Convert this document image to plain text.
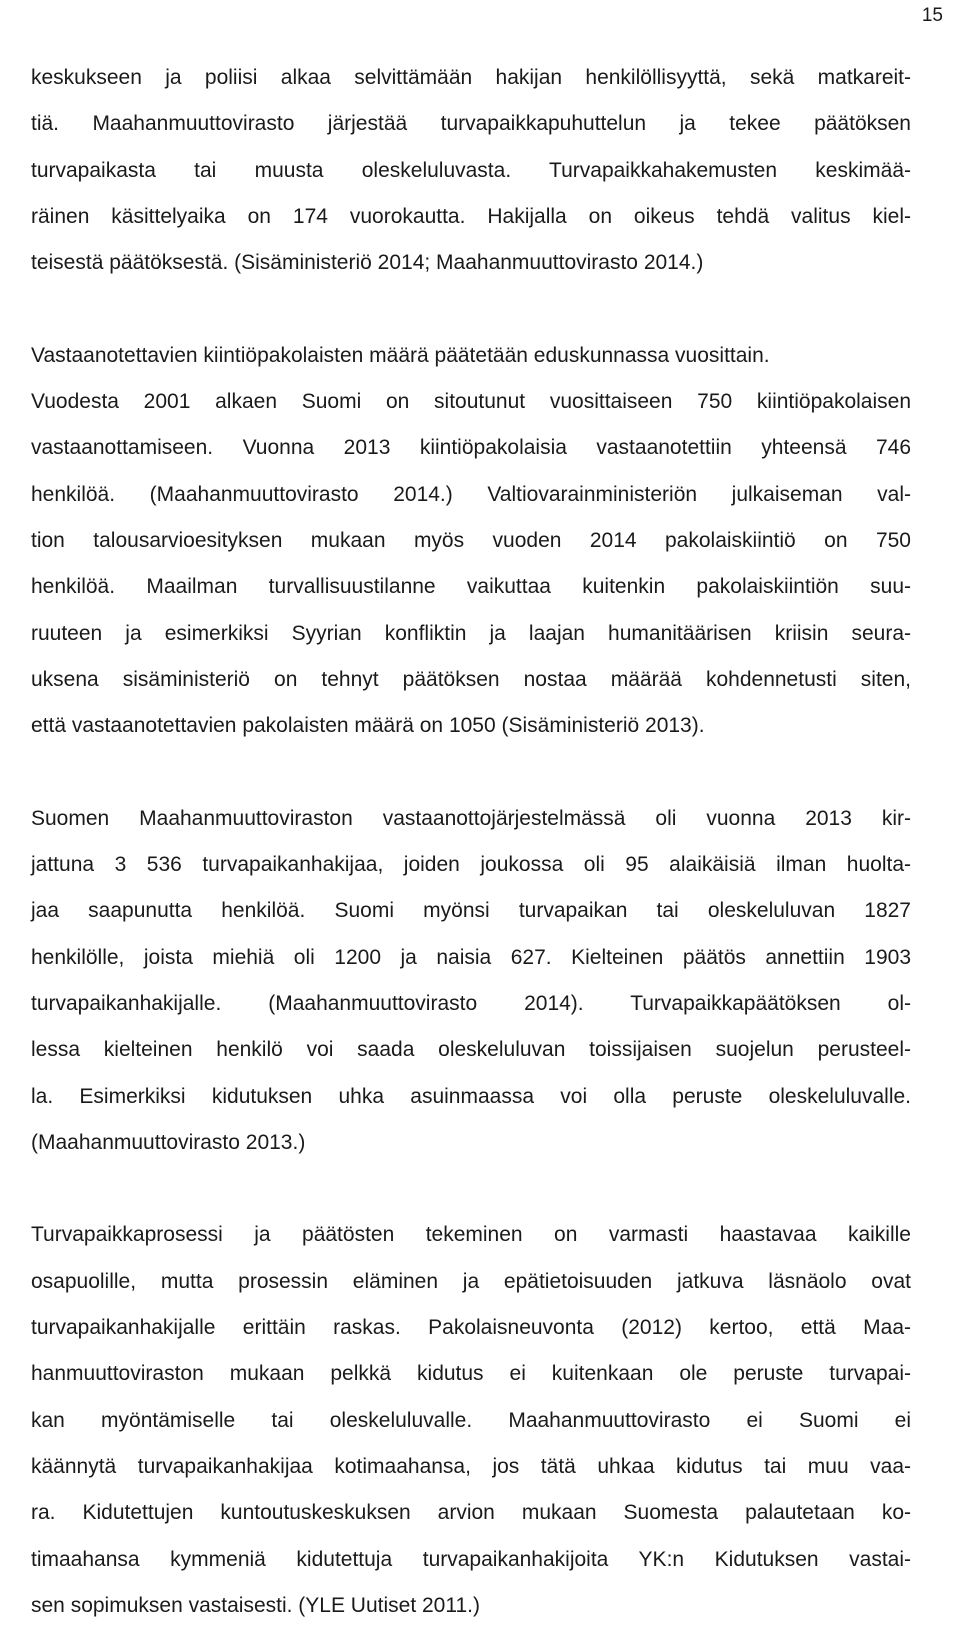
15
keskukseen ja poliisi alkaa selvittämään hakijan henkilöllisyyttä, sekä matkareit-
tiä. Maahanmuuttovirasto järjestää turvapaikkapuhuttelun ja tekee päätöksen
turvapaikasta tai muusta oleskeluluvasta. Turvapaikkahakemusten keskimää-
räinen käsittelyaika on 174 vuorokautta. Hakijalla on oikeus tehdä valitus kiel-
teisestä päätöksestä. (Sisäministeriö 2014; Maahanmuuttovirasto 2014.)
Vastaanotettavien kiintiöpakolaisten määrä päätetään eduskunnassa vuosittain.
Vuodesta 2001 alkaen Suomi on sitoutunut vuosittaiseen 750 kiintiöpakolaisen
vastaanottamiseen. Vuonna 2013 kiintiöpakolaisia vastaanotettiin yhteensä 746
henkilöä. (Maahanmuuttovirasto 2014.) Valtiovarainministeriön julkaiseman val-
tion talousarvioesityksen mukaan myös vuoden 2014 pakolaiskiintiö on 750
henkilöä. Maailman turvallisuustilanne vaikuttaa kuitenkin pakolaiskiintiön suu-
ruuteen ja esimerkiksi Syyrian konfliktin ja laajan humanitäärisen kriisin seura-
uksena sisäministeriö on tehnyt päätöksen nostaa määrää kohdennetusti siten,
että vastaanotettavien pakolaisten määrä on 1050 (Sisäministeriö 2013).
Suomen Maahanmuuttoviraston vastaanottojärjestelmässä oli vuonna 2013 kir-
jattuna 3 536 turvapaikanhakijaa, joiden joukossa oli 95 alaikäisiä ilman huolta-
jaa saapunutta henkilöä. Suomi myönsi turvapaikan tai oleskeluluvan 1827
henkilölle, joista miehiä oli 1200 ja naisia 627. Kielteinen päätös annettiin 1903
turvapaikanhakijalle. (Maahanmuuttovirasto 2014). Turvapaikkapäätöksen ol-
lessa kielteinen henkilö voi saada oleskeluluvan toissijaisen suojelun perusteel-
la. Esimerkiksi kidutuksen uhka asuinmaassa voi olla peruste oleskeluluvalle.
(Maahanmuuttovirasto 2013.)
Turvapaikkaprosessi ja päätösten tekeminen on varmasti haastavaa kaikille
osapuolille, mutta prosessin eläminen ja epätietoisuuden jatkuva läsnäolo ovat
turvapaikanhakijalle erittäin raskas. Pakolaisneuvonta (2012) kertoo, että Maa-
hanmuuttoviraston mukaan pelkkä kidutus ei kuitenkaan ole peruste turvapai-
kan myöntämiselle tai oleskeluluvalle. Maahanmuuttovirasto ei Suomi ei
käännytä turvapaikanhakijaa kotimaahansa, jos tätä uhkaa kidutus tai muu vaa-
ra. Kidutettujen kuntoutuskeskuksen arvion mukaan Suomesta palautetaan ko-
timaahansa kymmeniä kidutettuja turvapaikanhakijoita YK:n Kidutuksen vastai-
sen sopimuksen vastaisesti. (YLE Uutiset 2011.)
